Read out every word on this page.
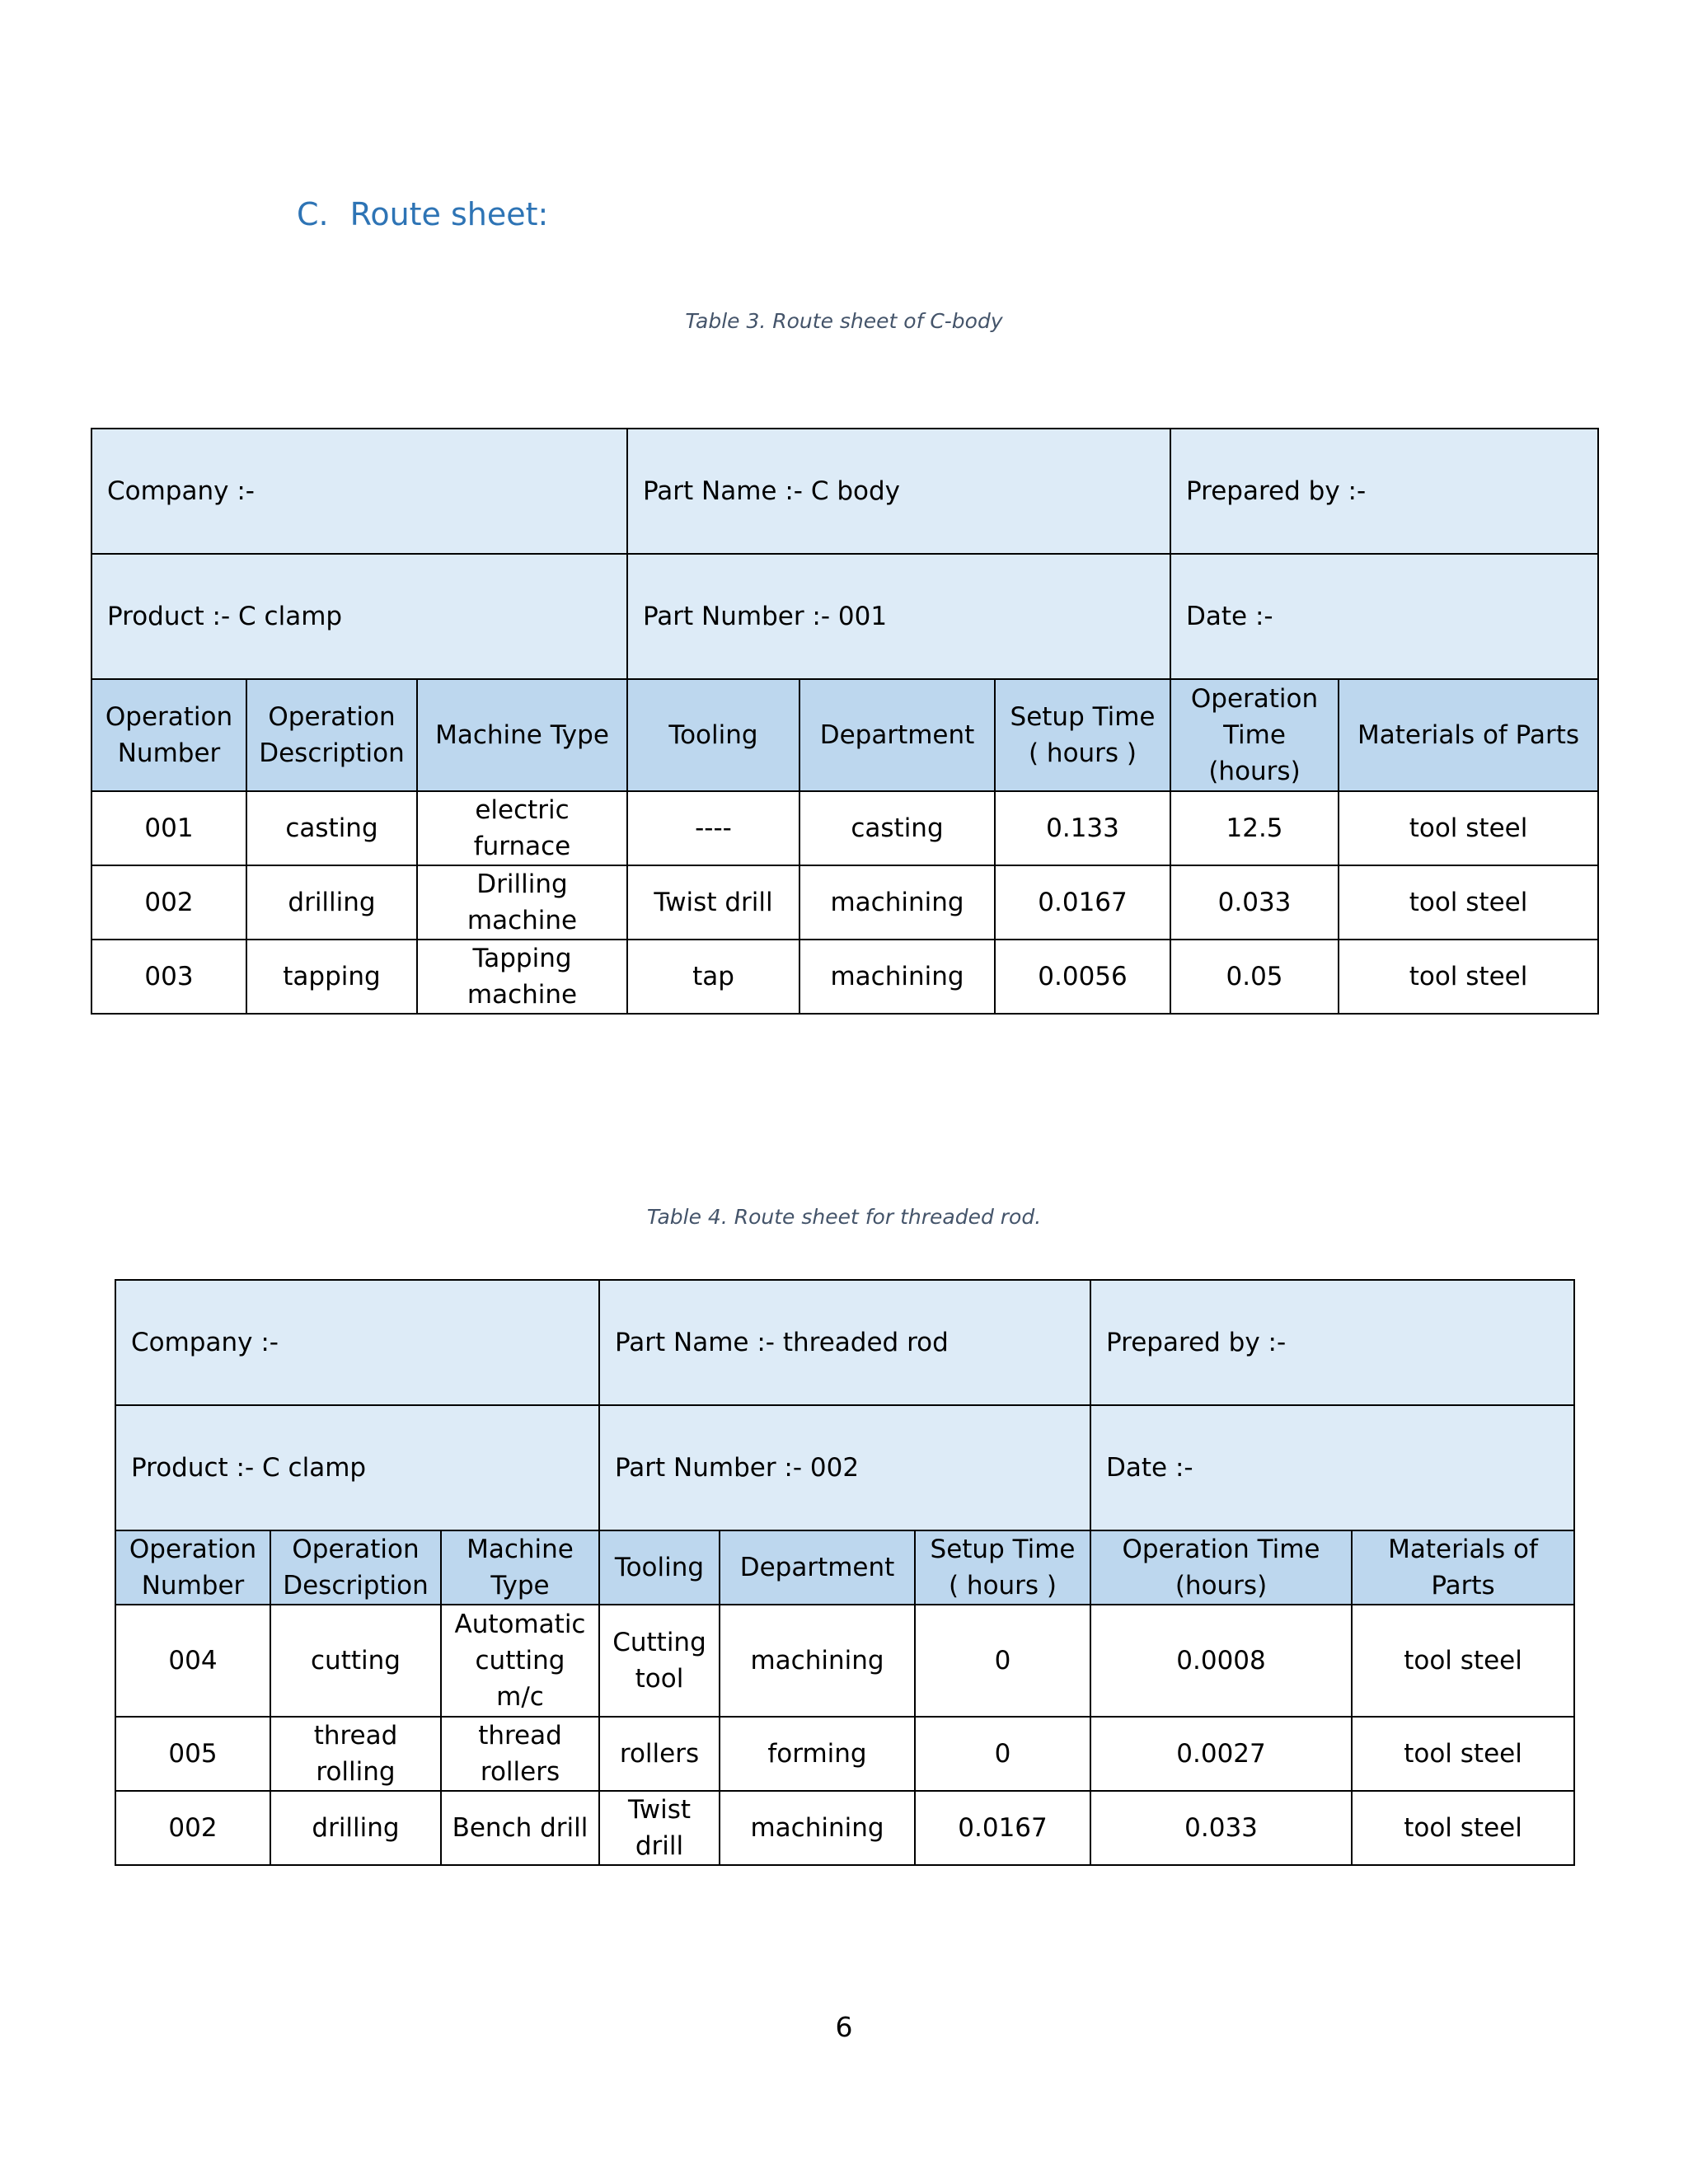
C. Route sheet:
Table 3. Route sheet of C-body
Company :-			Part Name :- C body			Prepared by :-	
Product :- C clamp			Part Number :- 001			Date :-	
Operation Number	Operation Description	Machine Type	Tooling	Department	Setup Time ( hours )	Operation Time (hours)	Materials of Parts
001	casting	electric furnace	----	casting	0.133	12.5	tool steel
002	drilling	Drilling machine	Twist drill	machining	0.0167	0.033	tool steel
003	tapping	Tapping machine	tap	machining	0.0056	0.05	tool steel
Table 4. Route sheet for threaded rod.
Company :-			Part Name :- threaded rod			Prepared by :-	
Product :- C clamp			Part Number :- 002			Date :-	
Operation Number	Operation Description	Machine Type	Tooling	Department	Setup Time ( hours )	Operation Time (hours)	Materials of Parts
004	cutting	Automatic cutting m/c	Cutting tool	machining	0	0.0008	tool steel
005	thread rolling	thread rollers	rollers	forming	0	0.0027	tool steel
002	drilling	Bench drill	Twist drill	machining	0.0167	0.033	tool steel
6
